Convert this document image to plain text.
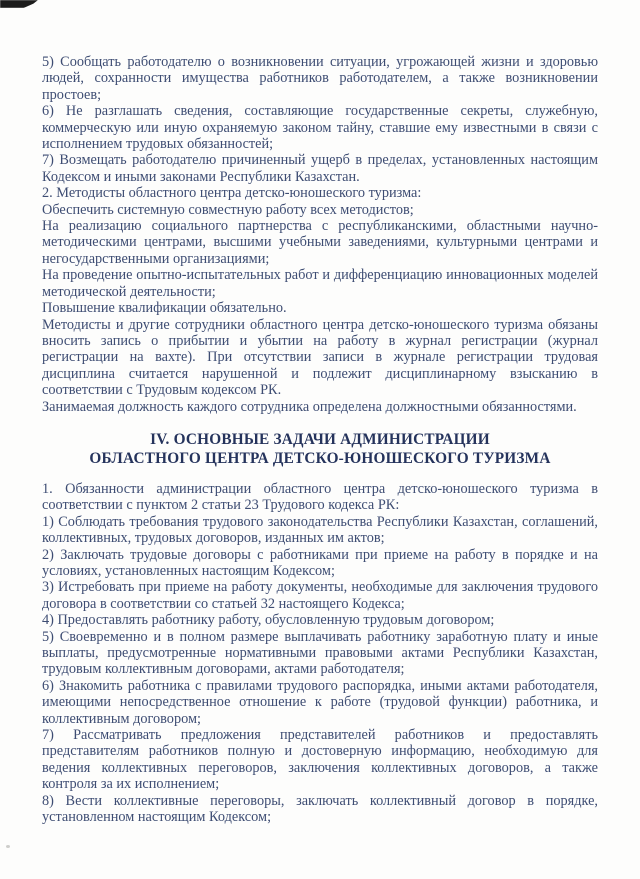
5) Сообщать работодателю о возникновении ситуации, угрожающей жизни и здоровью людей, сохранности имущества работников работодателем, а также возникновении простоев;

6) Не разглашать сведения, составляющие государственные секреты, служебную, коммерческую или иную охраняемую законом тайну, ставшие ему известными в связи с исполнением трудовых обязанностей;

7) Возмещать работодателю причиненный ущерб в пределах, установленных настоящим Кодексом и иными законами Республики Казахстан.

2. Методисты областного центра детско-юношеского туризма:

Обеспечить системную совместную работу всех методистов;

На реализацию социального партнерства с республиканскими, областными научно-методическими центрами, высшими учебными заведениями, культурными центрами и негосударственными организациями;

На проведение опытно-испытательных работ и дифференциацию инновационных моделей методической деятельности;

Повышение квалификации обязательно.

Методисты и другие сотрудники областного центра детско-юношеского туризма обязаны вносить запись о прибытии и убытии на работу в журнал регистрации (журнал регистрации на вахте). При отсутствии записи в журнале регистрации трудовая дисциплина считается нарушенной и подлежит дисциплинарному взысканию в соответствии с Трудовым кодексом РК.

Занимаемая должность каждого сотрудника определена должностными обязанностями.

IV. ОСНОВНЫЕ ЗАДАЧИ АДМИНИСТРАЦИИ
ОБЛАСТНОГО ЦЕНТРА ДЕТСКО-ЮНОШЕСКОГО ТУРИЗМА

1. Обязанности администрации областного центра детско-юношеского туризма в соответствии с пунктом 2 статьи 23 Трудового кодекса РК:

1) Соблюдать требования трудового законодательства Республики Казахстан, соглашений, коллективных, трудовых договоров, изданных им актов;

2) Заключать трудовые договоры с работниками при приеме на работу в порядке и на условиях, установленных настоящим Кодексом;

3) Истребовать при приеме на работу документы, необходимые для заключения трудового договора в соответствии со статьей 32 настоящего Кодекса;

4) Предоставлять работнику работу, обусловленную трудовым договором;

5) Своевременно и в полном размере выплачивать работнику заработную плату и иные выплаты, предусмотренные нормативными правовыми актами Республики Казахстан, трудовым коллективным договорами, актами работодателя;

6) Знакомить работника с правилами трудового распорядка, иными актами работодателя, имеющими непосредственное отношение к работе (трудовой функции) работника, и коллективным договором;

7) Рассматривать предложения представителей работников и предоставлять представителям работников полную и достоверную информацию, необходимую для ведения коллективных переговоров, заключения коллективных договоров, а также контроля за их исполнением;

8) Вести коллективные переговоры, заключать коллективный договор в порядке, установленном настоящим Кодексом;
